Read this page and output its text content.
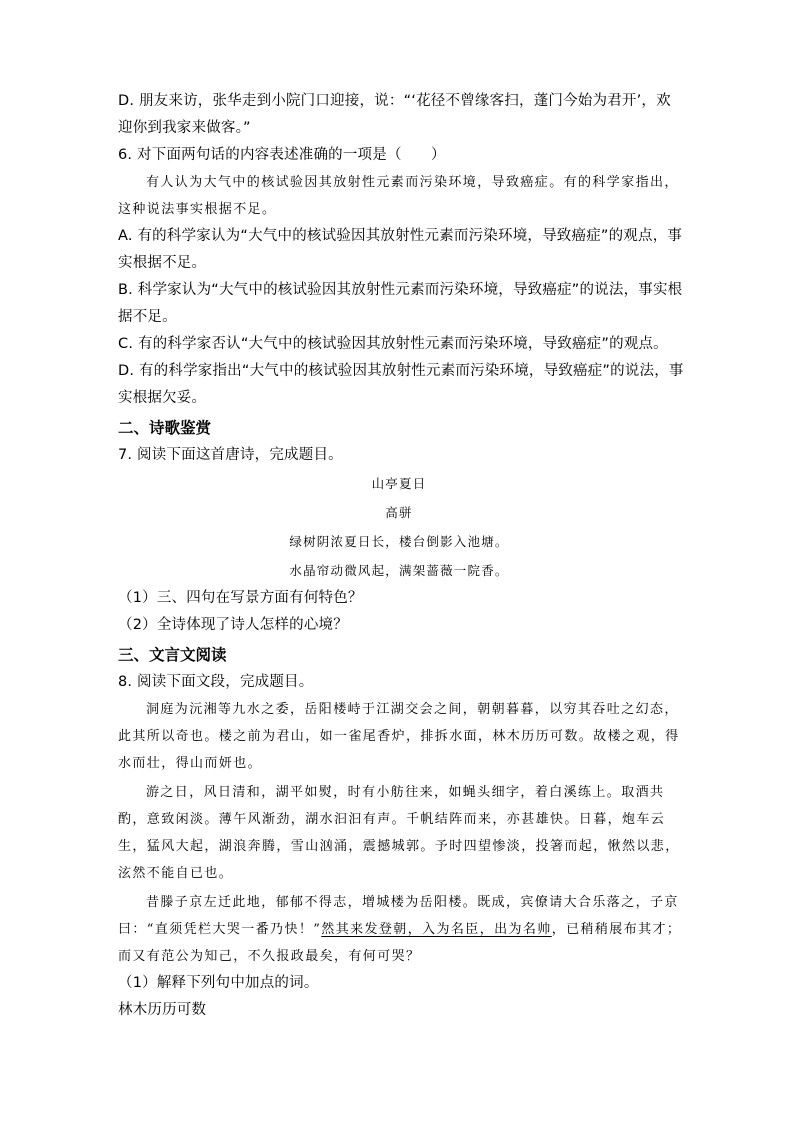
D. 朋友来访，张华走到小院门口迎接，说：“‘花径不曾缘客扫，蓬门今始为君开’，欢
迎你到我家来做客。”
6. 对下面两句话的内容表述准确的一项是（　　）
有人认为大气中的核试验因其放射性元素而污染环境，导致癌症。有的科学家指出，
这种说法事实根据不足。
A. 有的科学家认为“大气中的核试验因其放射性元素而污染环境，导致癌症”的观点，事
实根据不足。
B. 科学家认为“大气中的核试验因其放射性元素而污染环境，导致癌症”的说法，事实根
据不足。
C. 有的科学家否认“大气中的核试验因其放射性元素而污染环境，导致癌症”的观点。
D. 有的科学家指出“大气中的核试验因其放射性元素而污染环境，导致癌症”的说法，事
实根据欠妥。
二、诗歌鉴赏
7. 阅读下面这首唐诗，完成题目。
山亭夏日
高骈
绿树阴浓夏日长，楼台倒影入池塘。
水晶帘动微风起，满架蔷薇一院香。
（1）三、四句在写景方面有何特色？
（2）全诗体现了诗人怎样的心境？
三、文言文阅读
8. 阅读下面文段，完成题目。
洞庭为沅湘等九水之委，岳阳楼峙于江湖交会之间，朝朝暮暮，以穷其吞吐之幻态，
此其所以奇也。楼之前为君山，如一雀尾香炉，排拆水面，林木历历可数。故楼之观，得
水而壮，得山而妍也。
游之日，风日清和，湖平如熨，时有小舫往来，如蝇头细字，着白溪练上。取酒共
酌，意致闲淡。薄午风渐劲，湖水汩汩有声。千帆结阵而来，亦甚雄快。日暮，炮车云
生，猛风大起，湖浪奔腾，雪山汹涌，震撼城郭。予时四望惨淡，投箸而起，愀然以悲，
泫然不能自已也。
昔滕子京左迁此地，郁郁不得志，增城楼为岳阳楼。既成，宾僚请大合乐落之，子京
曰：“直须凭栏大哭一番乃快！”然其来发登朝，入为名臣，出为名帅，已稍稍展布其才；
而又有范公为知己，不久报政最矣，有何可哭？
（1）解释下列句中加点的词。
林木历历可数
